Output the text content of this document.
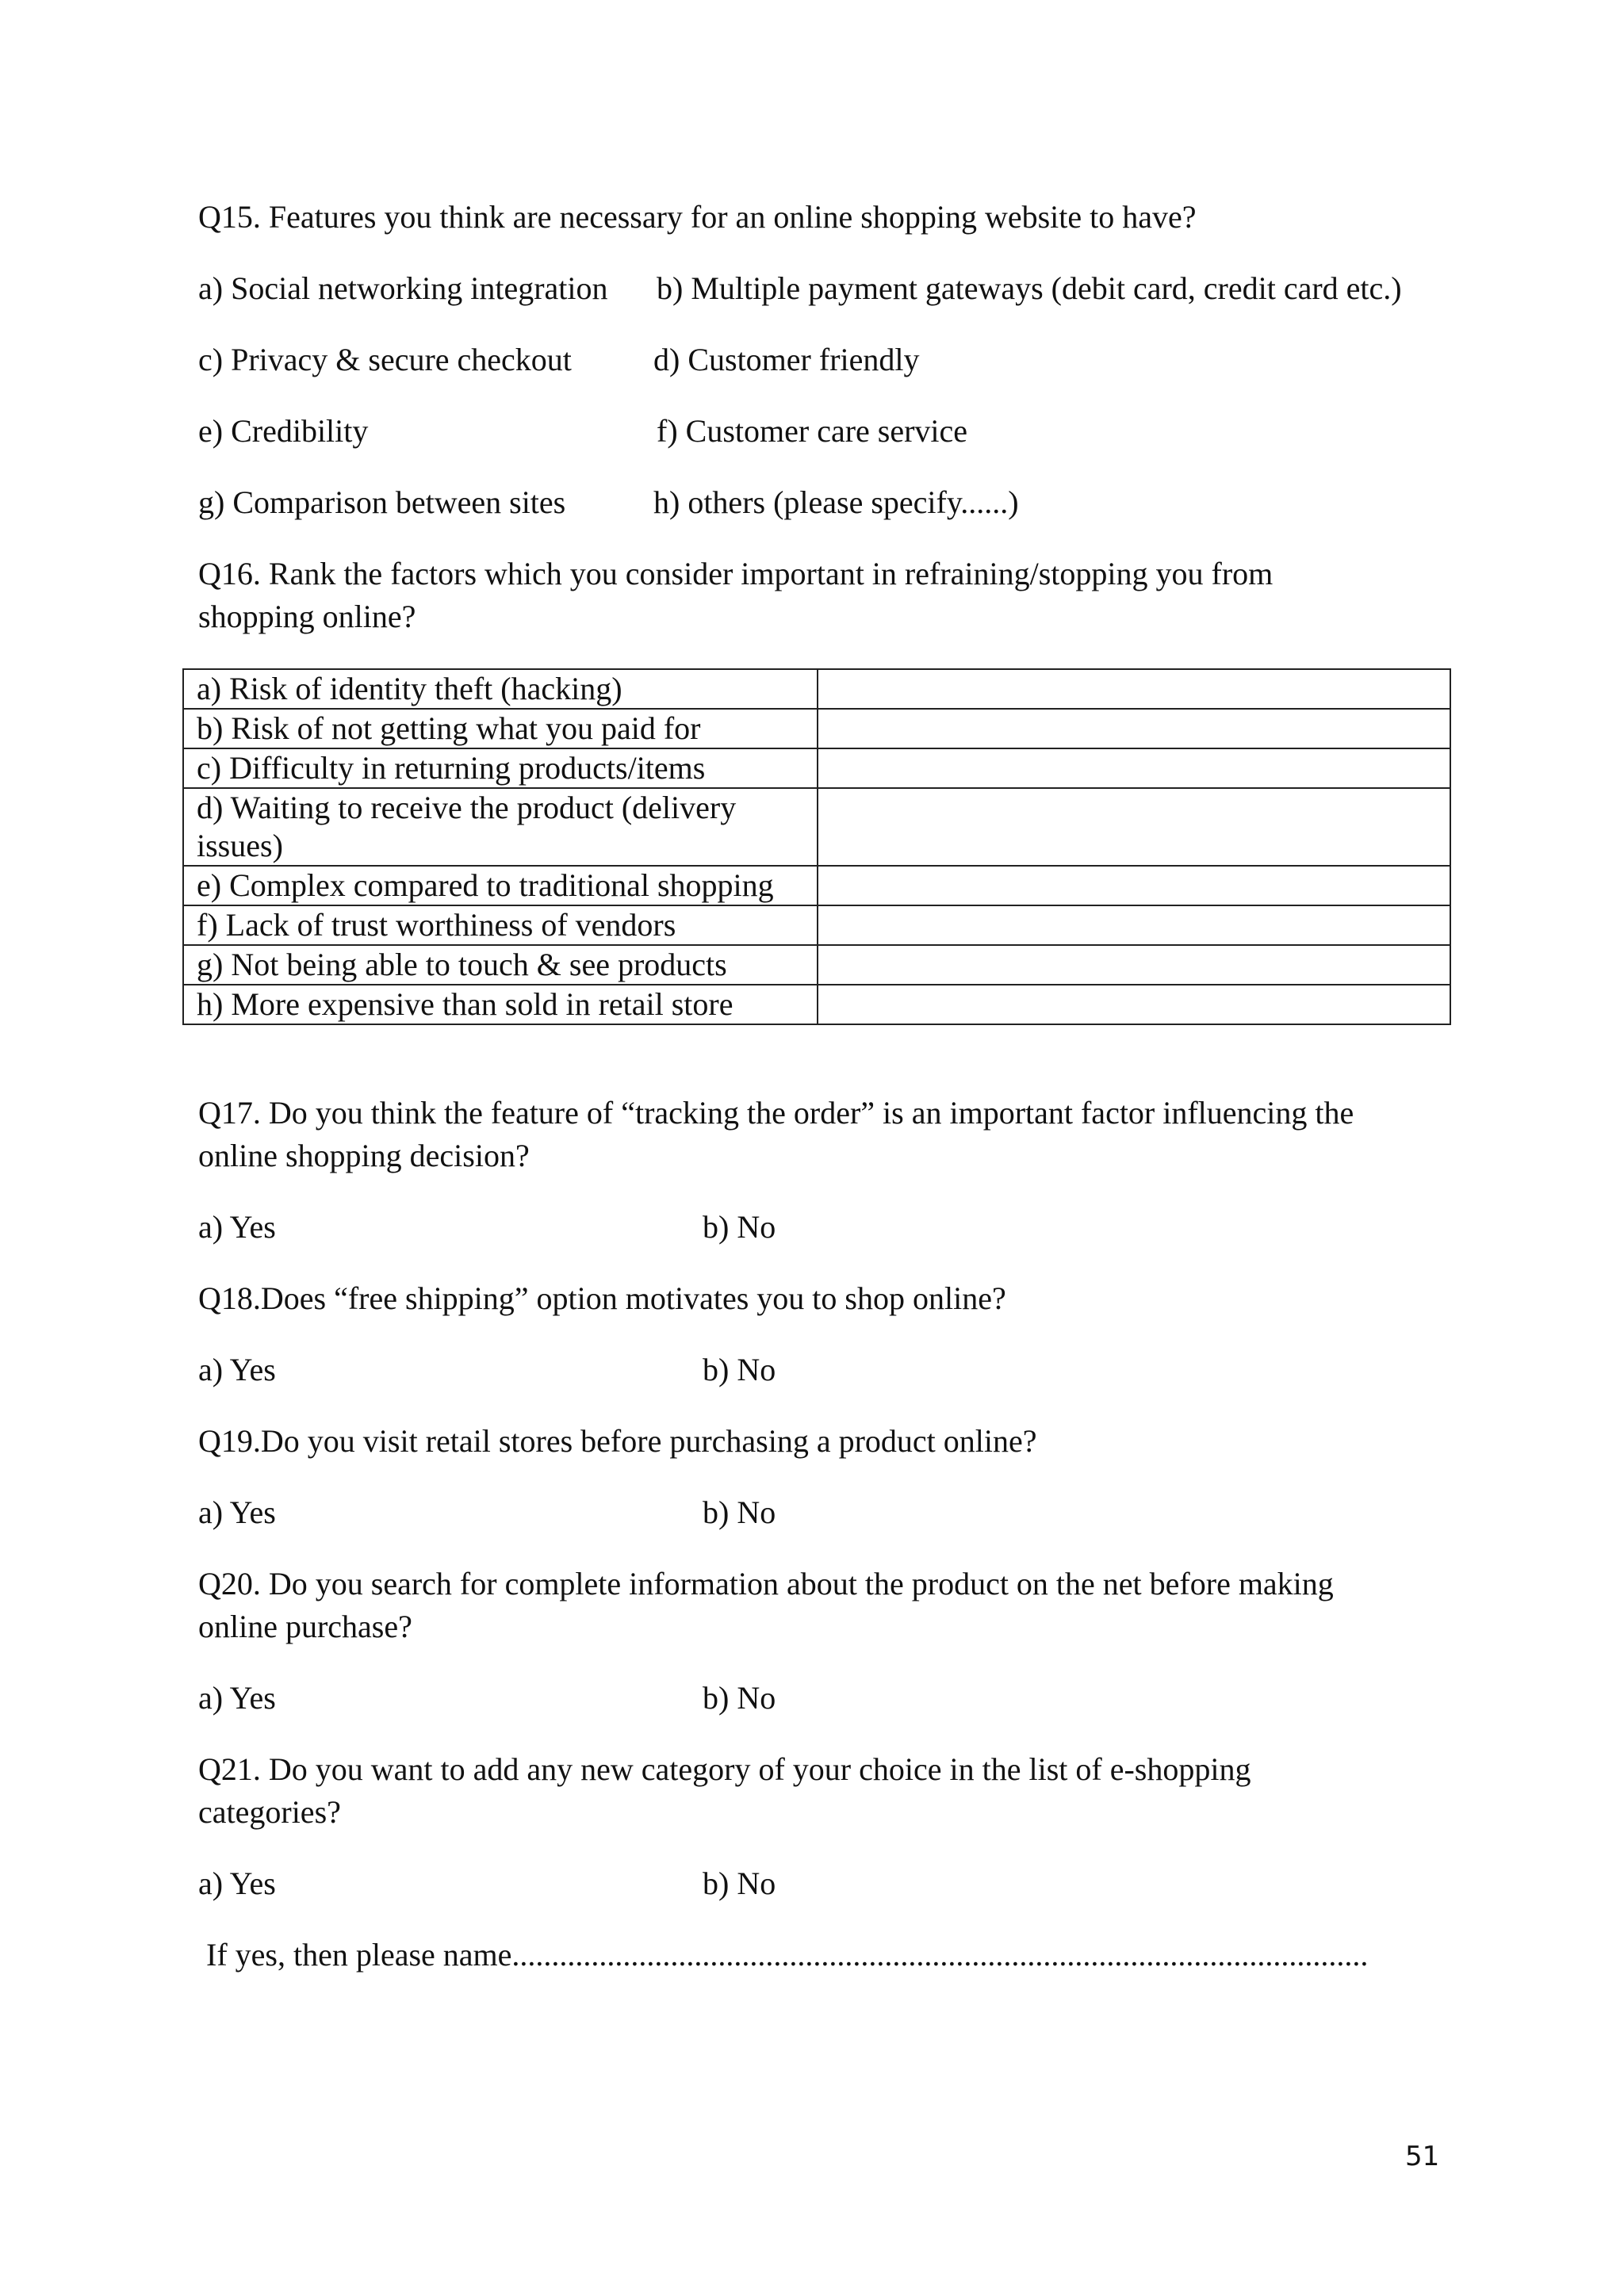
Q15. Features you think are necessary for an online shopping website to have?
a) Social networking integration b) Multiple payment gateways (debit card, credit card etc.)
c) Privacy & secure checkout	d) Customer friendly
e) Credibility	f) Customer care service
g) Comparison between sites	h) others (please specify......)
Q16. Rank the factors which you consider important in refraining/stopping you from
shopping online?
a) Risk of identity theft (hacking)	
b) Risk of not getting what you paid for	
c) Difficulty in returning products/items	
d) Waiting to receive the product (delivery issues)	
e) Complex compared to traditional shopping	
f) Lack of trust worthiness of vendors	
g) Not being able to touch & see products	
h) More expensive than sold in retail store	
Q17. Do you think the feature of “tracking the order” is an important factor influencing the
online shopping decision?
a) Yes	b) No
Q18.Does “free shipping” option motivates you to shop online?
a) Yes	b) No
Q19.Do you visit retail stores before purchasing a product online?
a) Yes	b) No
Q20. Do you search for complete information about the product on the net before making
online purchase?
a) Yes	b) No
Q21. Do you want to add any new category of your choice in the list of e-shopping
categories?
a) Yes	b) No
If yes, then please name............................................................................................................
51
